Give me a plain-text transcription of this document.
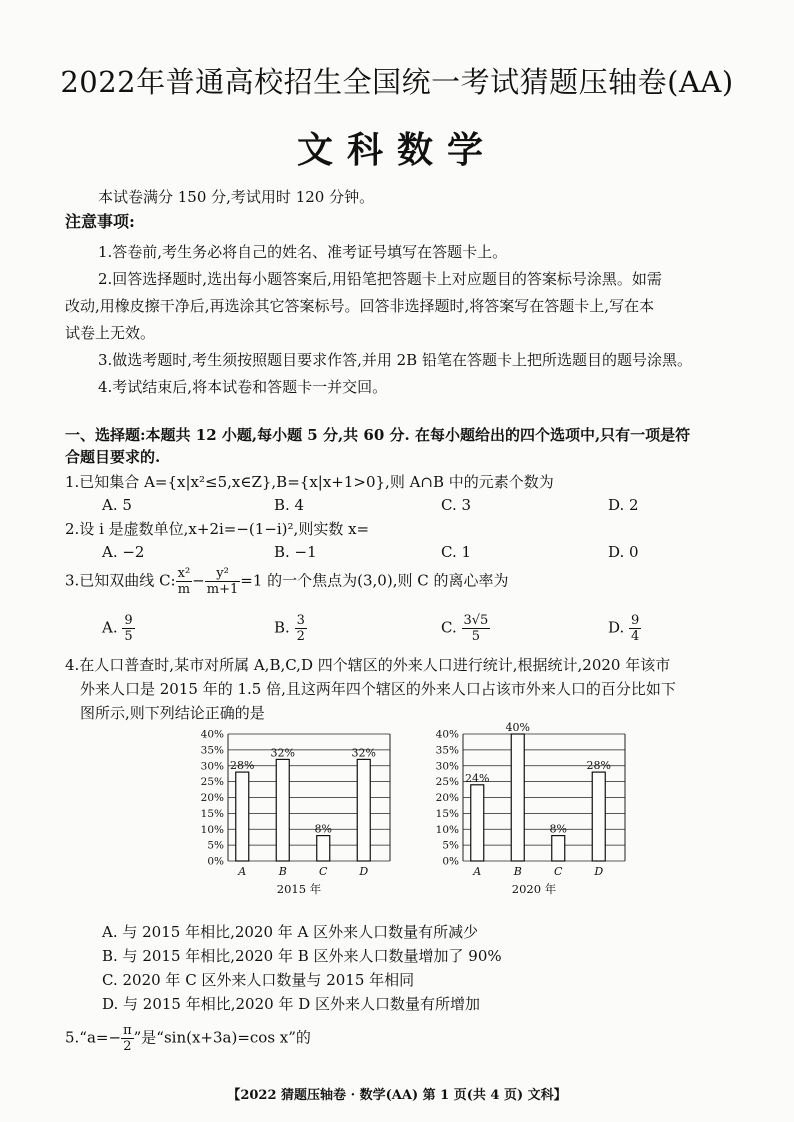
2022年普通高校招生全国统一考试猜题压轴卷(AA)
文科数学
本试卷满分 150 分,考试用时 120 分钟。
注意事项:
1.答卷前,考生务必将自己的姓名、准考证号填写在答题卡上。
2.回答选择题时,选出每小题答案后,用铅笔把答题卡上对应题目的答案标号涂黑。如需
改动,用橡皮擦干净后,再选涂其它答案标号。回答非选择题时,将答案写在答题卡上,写在本
试卷上无效。
3.做选考题时,考生须按照题目要求作答,并用 2B 铅笔在答题卡上把所选题目的题号涂黑。
4.考试结束后,将本试卷和答题卡一并交回。
一、选择题:本题共 12 小题,每小题 5 分,共 60 分. 在每小题给出的四个选项中,只有一项是符
合题目要求的.
1.已知集合 A={x|x²≤5,x∈Z},B={x|x+1>0},则 A∩B 中的元素个数为
A. 5	B. 4	C. 3	D. 2
2.设 i 是虚数单位,x+2i=−(1−i)²,则实数 x=
A. −2	B. −1	C. 1	D. 0
3.已知双曲线 C: $\frac{\text{x²}}{m} - \frac{\text{y²}}{m+1} =1$ 的一个焦点为(3,0),则 C 的离心率为
A. $\frac{9}{5}$	B. $\frac{3}{2}$	C. $\frac{3√5}{5}$	D. $\frac{9}{4}$
4.在人口普查时,某市对所属 A,B,C,D 四个辖区的外来人口进行统计,根据统计,2020 年该市
外来人口是 2015 年的 1.5 倍,且这两年四个辖区的外来人口占该市外来人口的百分比如下
图所示,则下列结论正确的是
0%
5%
10%
15%
20%
25%
30%
35%
40%
28%
A
32%
B
8%
C
32%
D
2015 年
0%
5%
10%
15%
20%
25%
30%
35%
40%
24%
A
40%
B
8%
C
28%
D
2020 年
A. 与 2015 年相比,2020 年 A 区外来人口数量有所减少
B. 与 2015 年相比,2020 年 B 区外来人口数量增加了 90%
C. 2020 年 C 区外来人口数量与 2015 年相同
D. 与 2015 年相比,2020 年 D 区外来人口数量有所增加
5.“a=− $\frac{\pi}{2}$ ”是“sin(x+3a)=cos x”的
【2022 猜题压轴卷 · 数学(AA) 第 1 页(共 4 页) 文科】
